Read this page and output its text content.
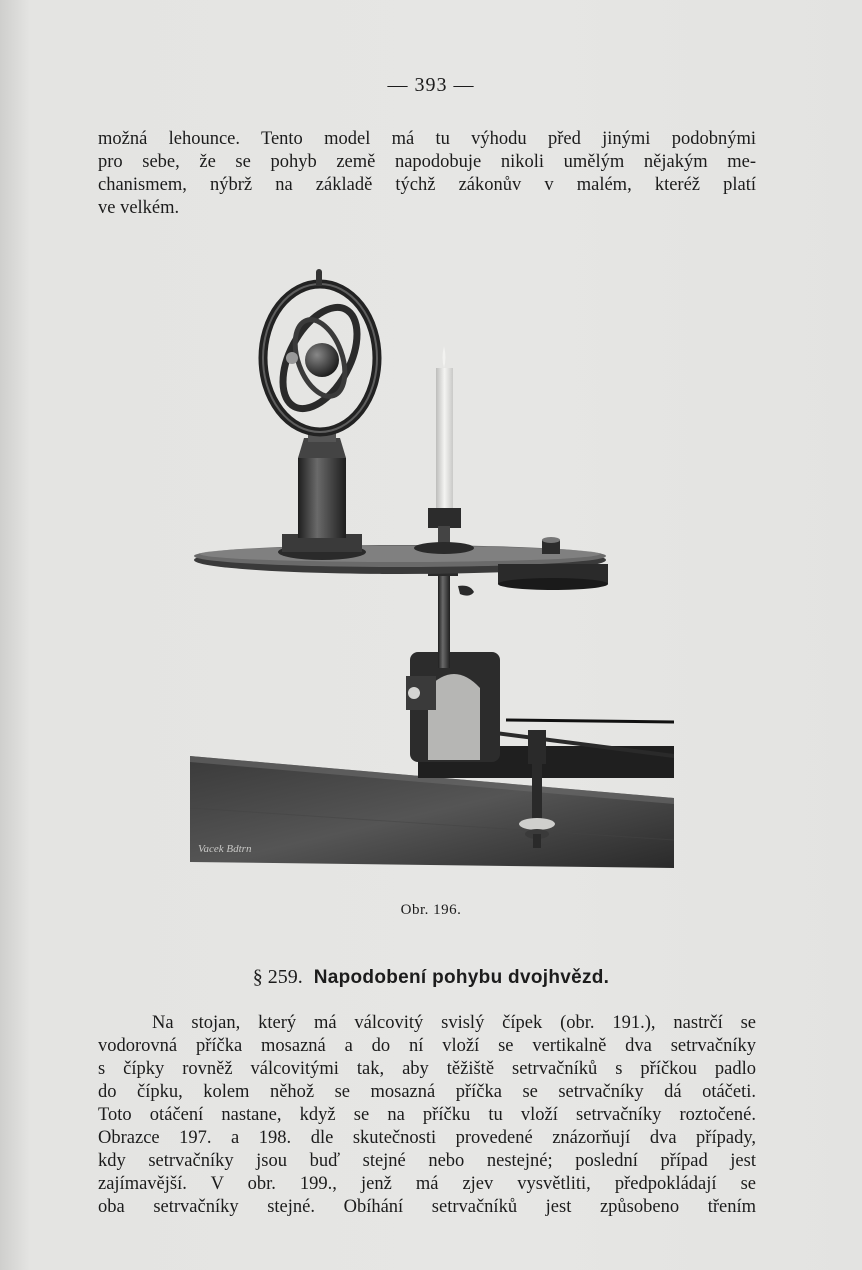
— 393 —
možná lehounce. Tento model má tu výhodu před jinými podobnými
pro sebe, že se pohyb země napodobuje nikoli umělým nějakým me-
chanismem, nýbrž na základě týchž zákonův v malém, kteréž platí
ve velkém.
Vacek Bdtrn
Obr. 196.
§ 259. Napodobení pohybu dvojhvězd.
Na stojan, který má válcovitý svislý čípek (obr. 191.), nastrčí se
vodorovná příčka mosazná a do ní vloží se vertikalně dva setrvačníky
s čípky rovněž válcovitými tak, aby těžiště setrvačníků s příčkou padlo
do čípku, kolem něhož se mosazná příčka se setrvačníky dá otáčeti.
Toto otáčení nastane, když se na příčku tu vloží setrvačníky roztočené.
Obrazce 197. a 198. dle skutečnosti provedené znázorňují dva případy,
kdy setrvačníky jsou buď stejné nebo nestejné; poslední případ jest
zajímavější. V obr. 199., jenž má zjev vysvětliti, předpokládají se
oba setrvačníky stejné. Obíhání setrvačníků jest způsobeno třením
